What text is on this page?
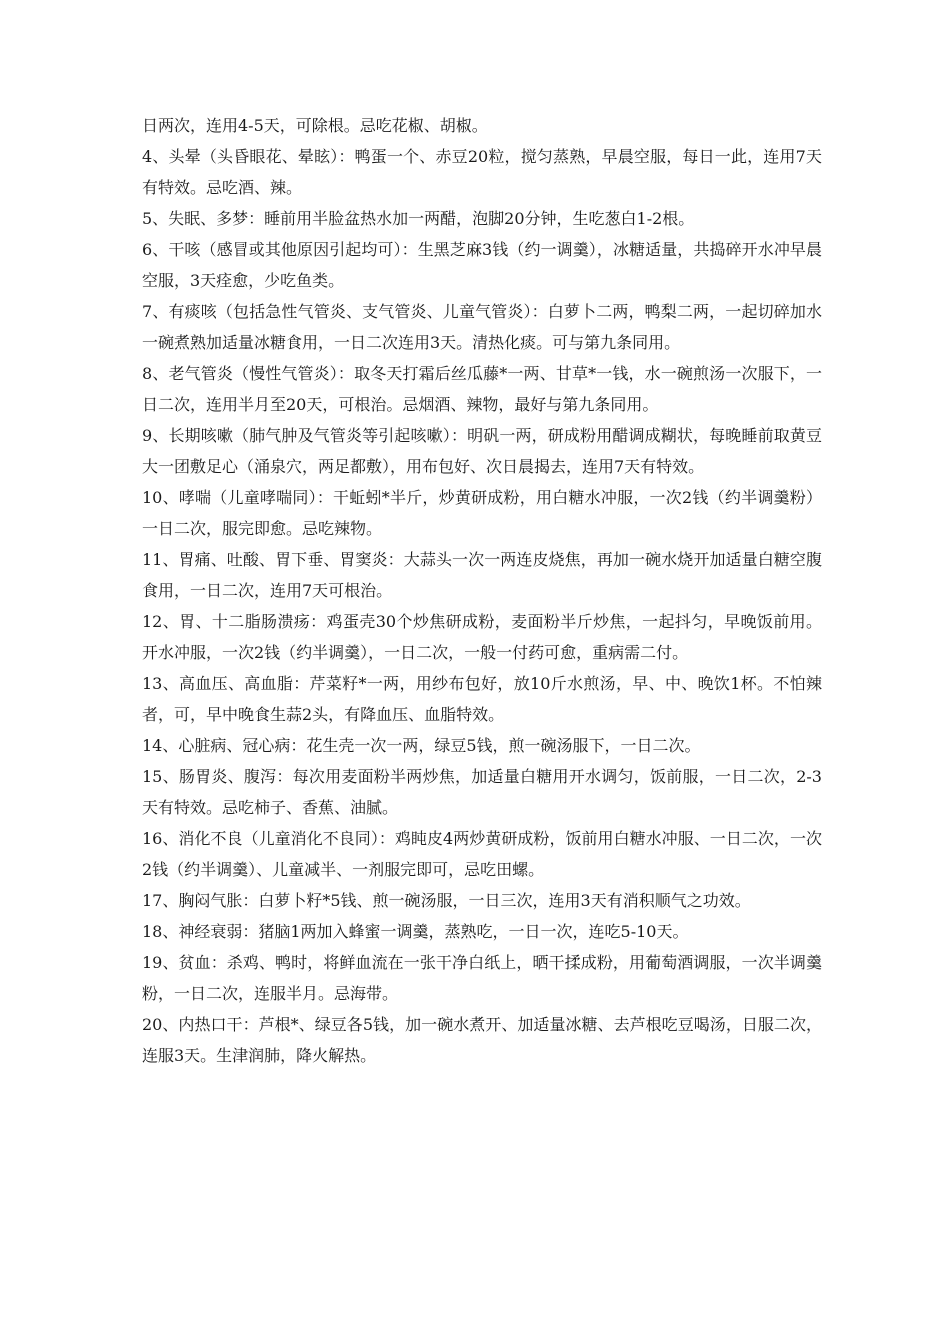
日两次，连用4-5天，可除根。忌吃花椒、胡椒。

4、头晕（头昏眼花、晕眩）：鸭蛋一个、赤豆20粒，搅匀蒸熟，早晨空服，每日一此，连用7天有特效。忌吃酒、辣。

5、失眠、多梦：睡前用半脸盆热水加一两醋，泡脚20分钟，生吃葱白1-2根。

6、干咳（感冒或其他原因引起均可）：生黑芝麻3钱（约一调羹），冰糖适量，共捣碎开水冲早晨空服，3天痊愈，少吃鱼类。

7、有痰咳（包括急性气管炎、支气管炎、儿童气管炎）：白萝卜二两，鸭梨二两，一起切碎加水一碗煮熟加适量冰糖食用，一日二次连用3天。清热化痰。可与第九条同用。

8、老气管炎（慢性气管炎）：取冬天打霜后丝瓜藤*一两、甘草*一钱，水一碗煎汤一次服下，一日二次，连用半月至20天，可根治。忌烟酒、辣物，最好与第九条同用。

9、长期咳嗽（肺气肿及气管炎等引起咳嗽）：明矾一两，研成粉用醋调成糊状，每晚睡前取黄豆大一团敷足心（涌泉穴，两足都敷），用布包好、次日晨揭去，连用7天有特效。

10、哮喘（儿童哮喘同）：干蚯蚓*半斤，炒黄研成粉，用白糖水冲服，一次2钱（约半调羹粉）一日二次，服完即愈。忌吃辣物。

11、胃痛、吐酸、胃下垂、胃窦炎：大蒜头一次一两连皮烧焦，再加一碗水烧开加适量白糖空腹食用，一日二次，连用7天可根治。

12、胃、十二脂肠溃疡：鸡蛋壳30个炒焦研成粉，麦面粉半斤炒焦，一起抖匀，早晚饭前用。开水冲服，一次2钱（约半调羹），一日二次，一般一付药可愈，重病需二付。

13、高血压、高血脂：芹菜籽*一两，用纱布包好，放10斤水煎汤，早、中、晚饮1杯。不怕辣者，可，早中晚食生蒜2头，有降血压、血脂特效。

14、心脏病、冠心病：花生壳一次一两，绿豆5钱，煎一碗汤服下，一日二次。

15、肠胃炎、腹泻：每次用麦面粉半两炒焦，加适量白糖用开水调匀，饭前服，一日二次，2-3天有特效。忌吃柿子、香蕉、油腻。

16、消化不良（儿童消化不良同）：鸡盹皮4两炒黄研成粉，饭前用白糖水冲服、一日二次，一次2钱（约半调羹）、儿童减半、一剂服完即可，忌吃田螺。

17、胸闷气胀：白萝卜籽*5钱、煎一碗汤服，一日三次，连用3天有消积顺气之功效。

18、神经衰弱：猪脑1两加入蜂蜜一调羹，蒸熟吃，一日一次，连吃5-10天。

19、贫血：杀鸡、鸭时，将鲜血流在一张干净白纸上，晒干揉成粉，用葡萄酒调服，一次半调羹粉，一日二次，连服半月。忌海带。

20、内热口干：芦根*、绿豆各5钱，加一碗水煮开、加适量冰糖、去芦根吃豆喝汤，日服二次，连服3天。生津润肺，降火解热。
